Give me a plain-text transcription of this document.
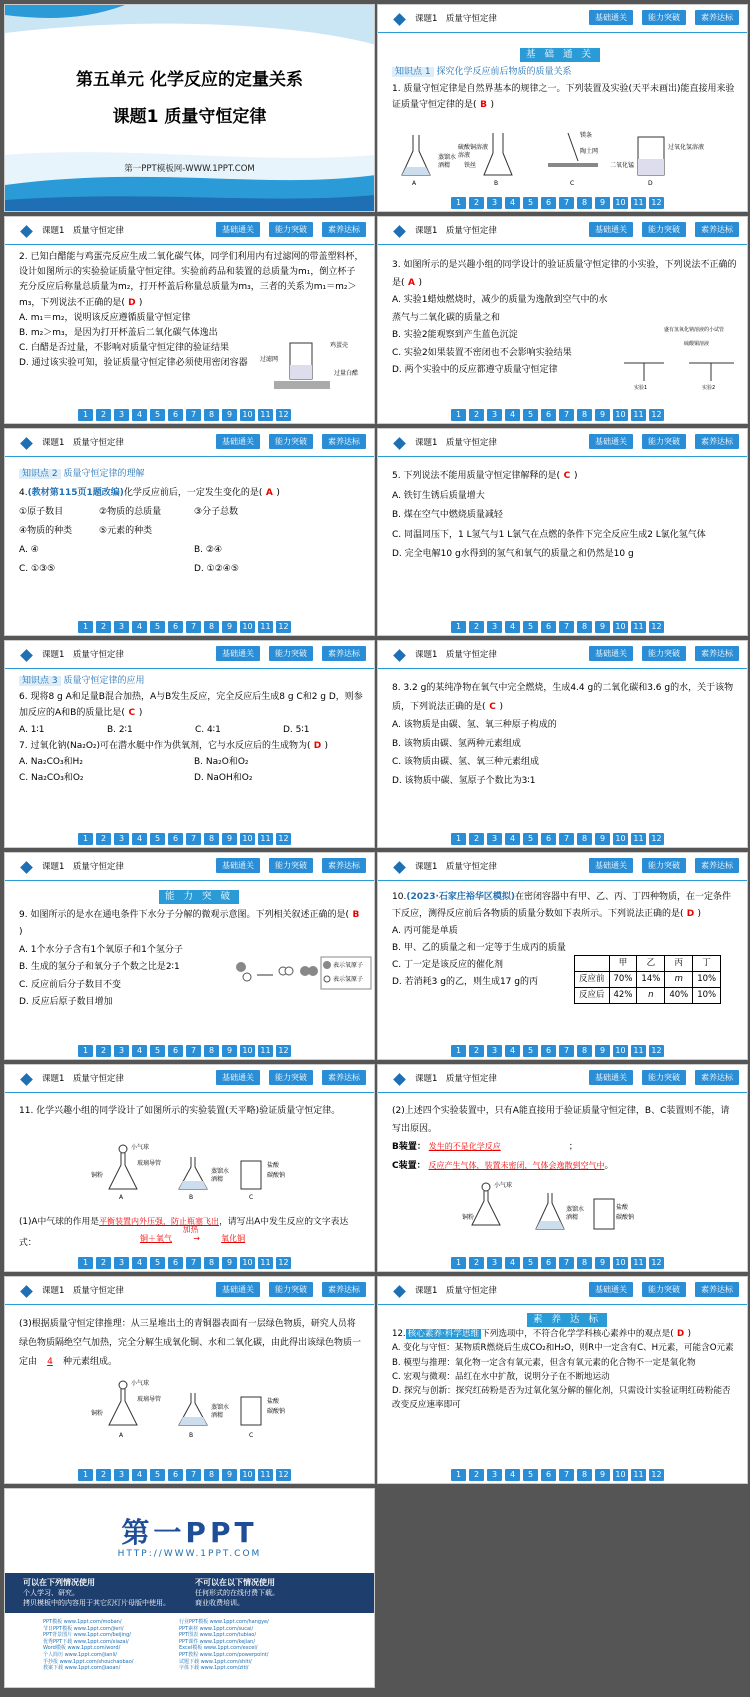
第五单元 化学反应的定量关系
课题1 质量守恒定律
第一PPT模板网-WWW.1PPT.COM
课题1　质量守恒定律	基础通关	能力突破	素养达标
基 础 通 关

知识点 1 探究化学反应前后物质的质量关系

1. 质量守恒定律是自然界基本的规律之一。下列装置及实验(天平未画出)能直接用来验证质量守恒定律的是( B )

蒸馏水
酒精
A
硫酸铜溶液
溶液
铁丝
B
镁条
陶土网
C
二氧化锰
过氧化氢溶液
D
1	2	3	4	5	6	7	8	9	10 11 12
课题1　质量守恒定律	基础通关	能力突破	素养达标

2. 已知白醋能与鸡蛋壳反应生成二氧化碳气体，同学们利用内有过滤网的带盖塑料杯，设计如图所示的实验验证质量守恒定律。实验前药品和装置的总质量为m₁，倒立杯子充分反应后称量总质量为m₂，打开杯盖后称量总质量为m₃，三者的关系为m₁＝m₂＞m₃，下列说法不正确的是( D )

A. m₁＝m₂，说明该反应遵循质量守恒定律

B. m₂＞m₃，是因为打开杯盖后二氧化碳气体逸出

C. 白醋是否过量，不影响对质量守恒定律的验证结果

D. 通过该实验可知，验证质量守恒定律必须使用密闭容器

鸡蛋壳
过滤网
过量白醋
1	2	3	4	5	6	7	8	9	10 11 12
课题1　质量守恒定律	基础通关	能力突破	素养达标

3. 如图所示的是兴趣小组的同学设计的验证质量守恒定律的小实验，下列说法不正确的是( A )

A. 实验1蜡烛燃烧时，减少的质量为逸散到空气中的水蒸气与二氧化碳的质量之和

B. 实验2能观察到产生蓝色沉淀

C. 实验2如果装置不密闭也不会影响实验结果

D. 两个实验中的反应都遵守质量守恒定律

盛有氢氧化钠溶液的小试管
硫酸铜溶液
实验1	实验2
1	2	3	4	5	6	7	8	9	10 11 12
课题1　质量守恒定律	基础通关	能力突破	素养达标

知识点 2 质量守恒定律的理解

4.(教材第115页1题改编)化学反应前后，一定发生变化的是( A )

①原子数目	②物质的总质量	③分子总数

④物质的种类	⑤元素的种类

A. ④	B. ②④

C. ①③⑤	D. ①②④⑤

1	2	3	4	5	6	7	8	9	10 11 12
课题1　质量守恒定律	基础通关	能力突破	素养达标

5. 下列说法不能用质量守恒定律解释的是( C )

A. 铁钉生锈后质量增大

B. 煤在空气中燃烧质量减轻

C. 同温同压下，1 L氢气与1 L氯气在点燃的条件下完全反应生成2 L氯化氢气体

D. 完全电解10 g水得到的氢气和氧气的质量之和仍然是10 g

1	2	3	4	5	6	7	8	9	10 11 12
课题1　质量守恒定律	基础通关	能力突破	素养达标

知识点 3 质量守恒定律的应用

6. 现将8 g A和足量B混合加热，A与B发生反应，完全反应后生成8 g C和2 g D，则参加反应的A和B的质量比是( C )

A. 1∶1	B. 2∶1	C. 4∶1	D. 5∶1

7. 过氧化钠(Na₂O₂)可在潜水艇中作为供氧剂，它与水反应后的生成物为( D )

A. Na₂CO₃和H₂	B. Na₂O和O₂

C. Na₂CO₃和O₂	D. NaOH和O₂

1	2	3	4	5	6	7	8	9	10 11 12
课题1　质量守恒定律	基础通关	能力突破	素养达标

8. 3.2 g的某纯净物在氧气中完全燃烧，生成4.4 g的二氧化碳和3.6 g的水，关于该物质，下列说法正确的是( C )

A. 该物质是由碳、氢、氧三种原子构成的

B. 该物质由碳、氢两种元素组成

C. 该物质由碳、氢、氧三种元素组成

D. 该物质中碳、氢原子个数比为3∶1

1	2	3	4	5	6	7	8	9	10 11 12
课题1　质量守恒定律	基础通关	能力突破	素养达标
能 力 突 破

9. 如图所示的是水在通电条件下水分子分解的微观示意图。下列相关叙述正确的是( B)

A. 1个水分子含有1个氧原子和1个氢分子

B. 生成的氢分子和氧分子个数之比是2∶1

C. 反应前后分子数目不变

D. 反应后原子数目增加

表示氧原子
表示氢原子
1	2	3	4	5	6	7	8	9	10 11 12
课题1　质量守恒定律	基础通关	能力突破	素养达标

10.(2023·石家庄裕华区模拟)在密闭容器中有甲、乙、丙、丁四种物质，在一定条件下反应，测得反应前后各物质的质量分数如下表所示。下列说法正确的是( D )

A. 丙可能是单质

B. 甲、乙的质量之和一定等于生成丙的质量

C. 丁一定是该反应的催化剂

D. 若消耗3 g的乙，则生成17 g的丙

	甲	乙	丙	丁
反应前	70%	14%	m	10%
反应后	42%	n	40%	10%
1	2	3	4	5	6	7	8	9	10 11 12
课题1　质量守恒定律	基础通关	能力突破	素养达标

11. 化学兴趣小组的同学设计了如图所示的实验装置(天平略)验证质量守恒定律。

小气球
铜粉
玻璃导管
蒸馏水
酒精
盐酸
碳酸钠
A	B	C

(1)A中气球的作用是平衡装置内外压强，防止瓶塞飞出，请写出A中发生反应的文字表达式：	铜＋氧气
加热
→	氧化铜
1	2	3	4	5	6	7	8	9	10 11 12
课题1　质量守恒定律	基础通关	能力突破	素养达标

(2)上述四个实验装置中，只有A能直接用于验证质量守恒定律，B、C装置则不能，请写出原因。

B装置： 发生的不是化学反应	；

C装置： 反应产生气体，装置未密闭，气体会逸散到空气中。

小气球
铜粉
蒸馏水
酒精
盐酸
碳酸钠
1	2	3	4	5	6	7	8	9	10 11 12
课题1　质量守恒定律	基础通关	能力突破	素养达标

(3)根据质量守恒定律推理：从三星堆出土的青铜器表面有一层绿色物质，研究人员将绿色物质隔绝空气加热，完全分解生成氧化铜、水和二氧化碳，由此得出该绿色物质一定由 4 种元素组成。

小气球
铜粉
玻璃导管
蒸馏水
酒精
盐酸
碳酸钠
A	B	C
1	2	3	4	5	6	7	8	9	10 11 12
课题1　质量守恒定律	基础通关	能力突破	素养达标
素 养 达 标

12. 核心素养·科学思维 下列选项中，不符合化学学科核心素养中的观点是( D )

A. 变化与守恒：某物质R燃烧后生成CO₂和H₂O，则R中一定含有C、H元素，可能含O元素

B. 模型与推理：氧化物一定含有氧元素，但含有氧元素的化合物不一定是氧化物

C. 宏观与微观：品红在水中扩散，说明分子在不断地运动

D. 探究与创新：探究红砖粉是否为过氧化氢分解的催化剂，只需设计实验证明红砖粉能否改变反应速率即可

1	2	3	4	5	6	7	8	9	10 11 12
第一PPT
HTTP://WWW.1PPT.COM
可以在下列情况使用
个人学习、研究。
拷贝模板中的内容用于其它幻灯片母版中使用。
不可以在以下情况使用
任何形式的在线付费下载。
商业收费培训。
PPT模板 www.1ppt.com/moban/
节日PPT模板 www.1ppt.com/jieri/
PPT背景图片 www.1ppt.com/beijing/
优秀PPT下载 www.1ppt.com/xiazai/
Word模板 www.1ppt.com/word/
个人简历 www.1ppt.com/jianli/
手抄报 www.1ppt.com/shouchaobao/
教案下载 www.1ppt.com/jiaoan/
行业PPT模板 www.1ppt.com/hangye/
PPT素材 www.1ppt.com/sucai/
PPT图表 www.1ppt.com/tubiao/
PPT课件 www.1ppt.com/kejian/
Excel模板 www.1ppt.com/excel/
PPT教程 www.1ppt.com/powerpoint/
试题下载 www.1ppt.com/shiti/
字体下载 www.1ppt.com/ziti/
